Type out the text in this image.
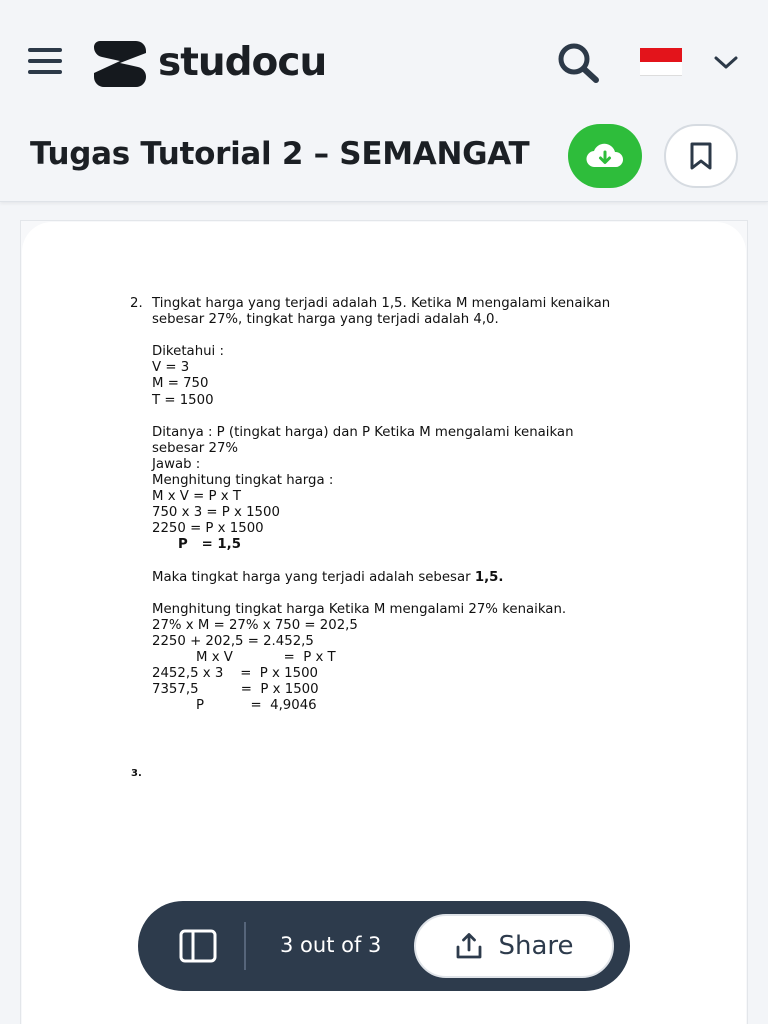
studocu
Tugas Tutorial 2 – SEMANGAT
2. Tingkat harga yang terjadi adalah 1,5. Ketika M mengalami kenaikan
sebesar 27%, tingkat harga yang terjadi adalah 4,0.
Diketahui :
V = 3
M = 750
T = 1500
Ditanya : P (tingkat harga) dan P Ketika M mengalami kenaikan
sebesar 27%
Jawab :
Menghitung tingkat harga :
M x V = P x T
750 x 3 = P x 1500
2250 = P x 1500
P   = 1,5
Maka tingkat harga yang terjadi adalah sebesar 1,5.
Menghitung tingkat harga Ketika M mengalami 27% kenaikan.
27% x M = 27% x 750 = 202,5
2250 + 202,5 = 2.452,5
M x V            =  P x T
2452,5 x 3    =  P x 1500
7357,5          =  P x 1500
P           =  4,9046
3.
3 out of 3	Share
